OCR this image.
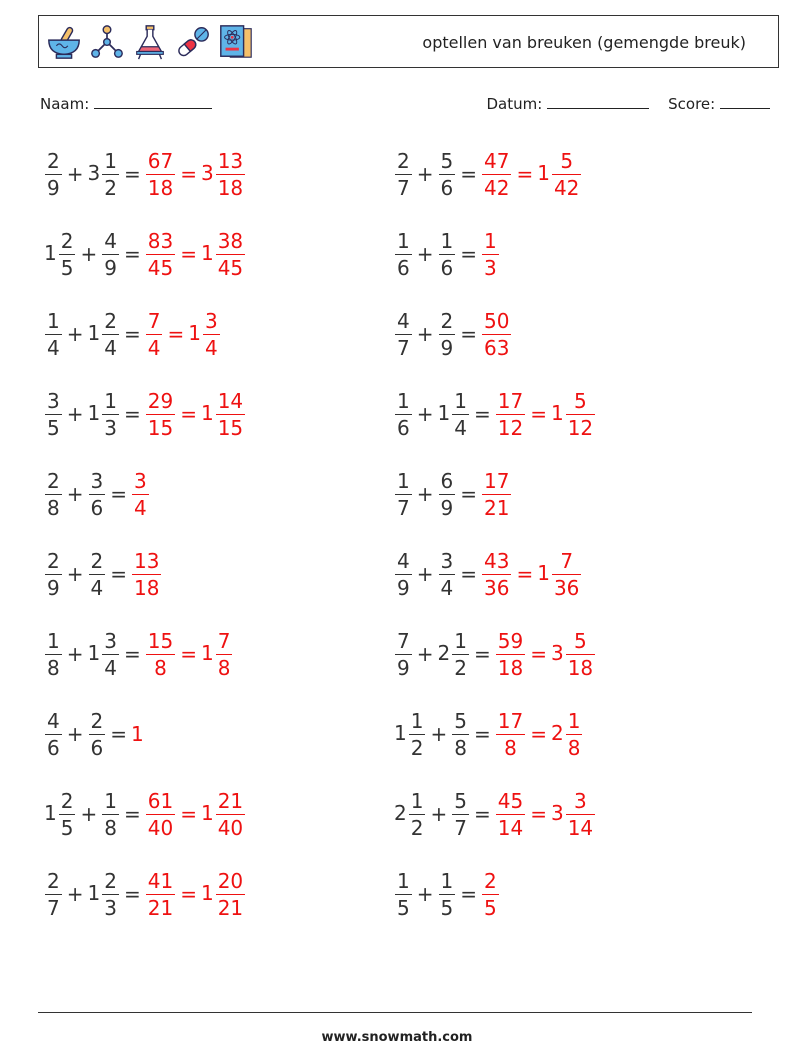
optellen van breuken (gemengde breuk)
Naam:	Datum:	Score:
$\frac{2}{9} + 3 \frac{1}{2} = \frac{67}{18} = 3 \frac{13}{18}$	$\frac{2}{7} + \frac{5}{6} = \frac{47}{42} = 1 \frac{5}{42}$
$1 \frac{2}{5} + \frac{4}{9} = \frac{83}{45} = 1 \frac{38}{45}$	$\frac{1}{6} + \frac{1}{6} = \frac{1}{3}$
$\frac{1}{4} + 1 \frac{2}{4} = \frac{7}{4} = 1 \frac{3}{4}$	$\frac{4}{7} + \frac{2}{9} = \frac{50}{63}$
$\frac{3}{5} + 1 \frac{1}{3} = \frac{29}{15} = 1 \frac{14}{15}$	$\frac{1}{6} + 1 \frac{1}{4} = \frac{17}{12} = 1 \frac{5}{12}$
$\frac{2}{8} + \frac{3}{6} = \frac{3}{4}$	$\frac{1}{7} + \frac{6}{9} = \frac{17}{21}$
$\frac{2}{9} + \frac{2}{4} = \frac{13}{18}$	$\frac{4}{9} + \frac{3}{4} = \frac{43}{36} = 1 \frac{7}{36}$
$\frac{1}{8} + 1 \frac{3}{4} = \frac{15}{8} = 1 \frac{7}{8}$	$\frac{7}{9} + 2 \frac{1}{2} = \frac{59}{18} = 3 \frac{5}{18}$
$\frac{4}{6} + \frac{2}{6} = 1$	$1 \frac{1}{2} + \frac{5}{8} = \frac{17}{8} = 2 \frac{1}{8}$
$1 \frac{2}{5} + \frac{1}{8} = \frac{61}{40} = 1 \frac{21}{40}$	$2 \frac{1}{2} + \frac{5}{7} = \frac{45}{14} = 3 \frac{3}{14}$
$\frac{2}{7} + 1 \frac{2}{3} = \frac{41}{21} = 1 \frac{20}{21}$	$\frac{1}{5} + \frac{1}{5} = \frac{2}{5}$
www.snowmath.com
